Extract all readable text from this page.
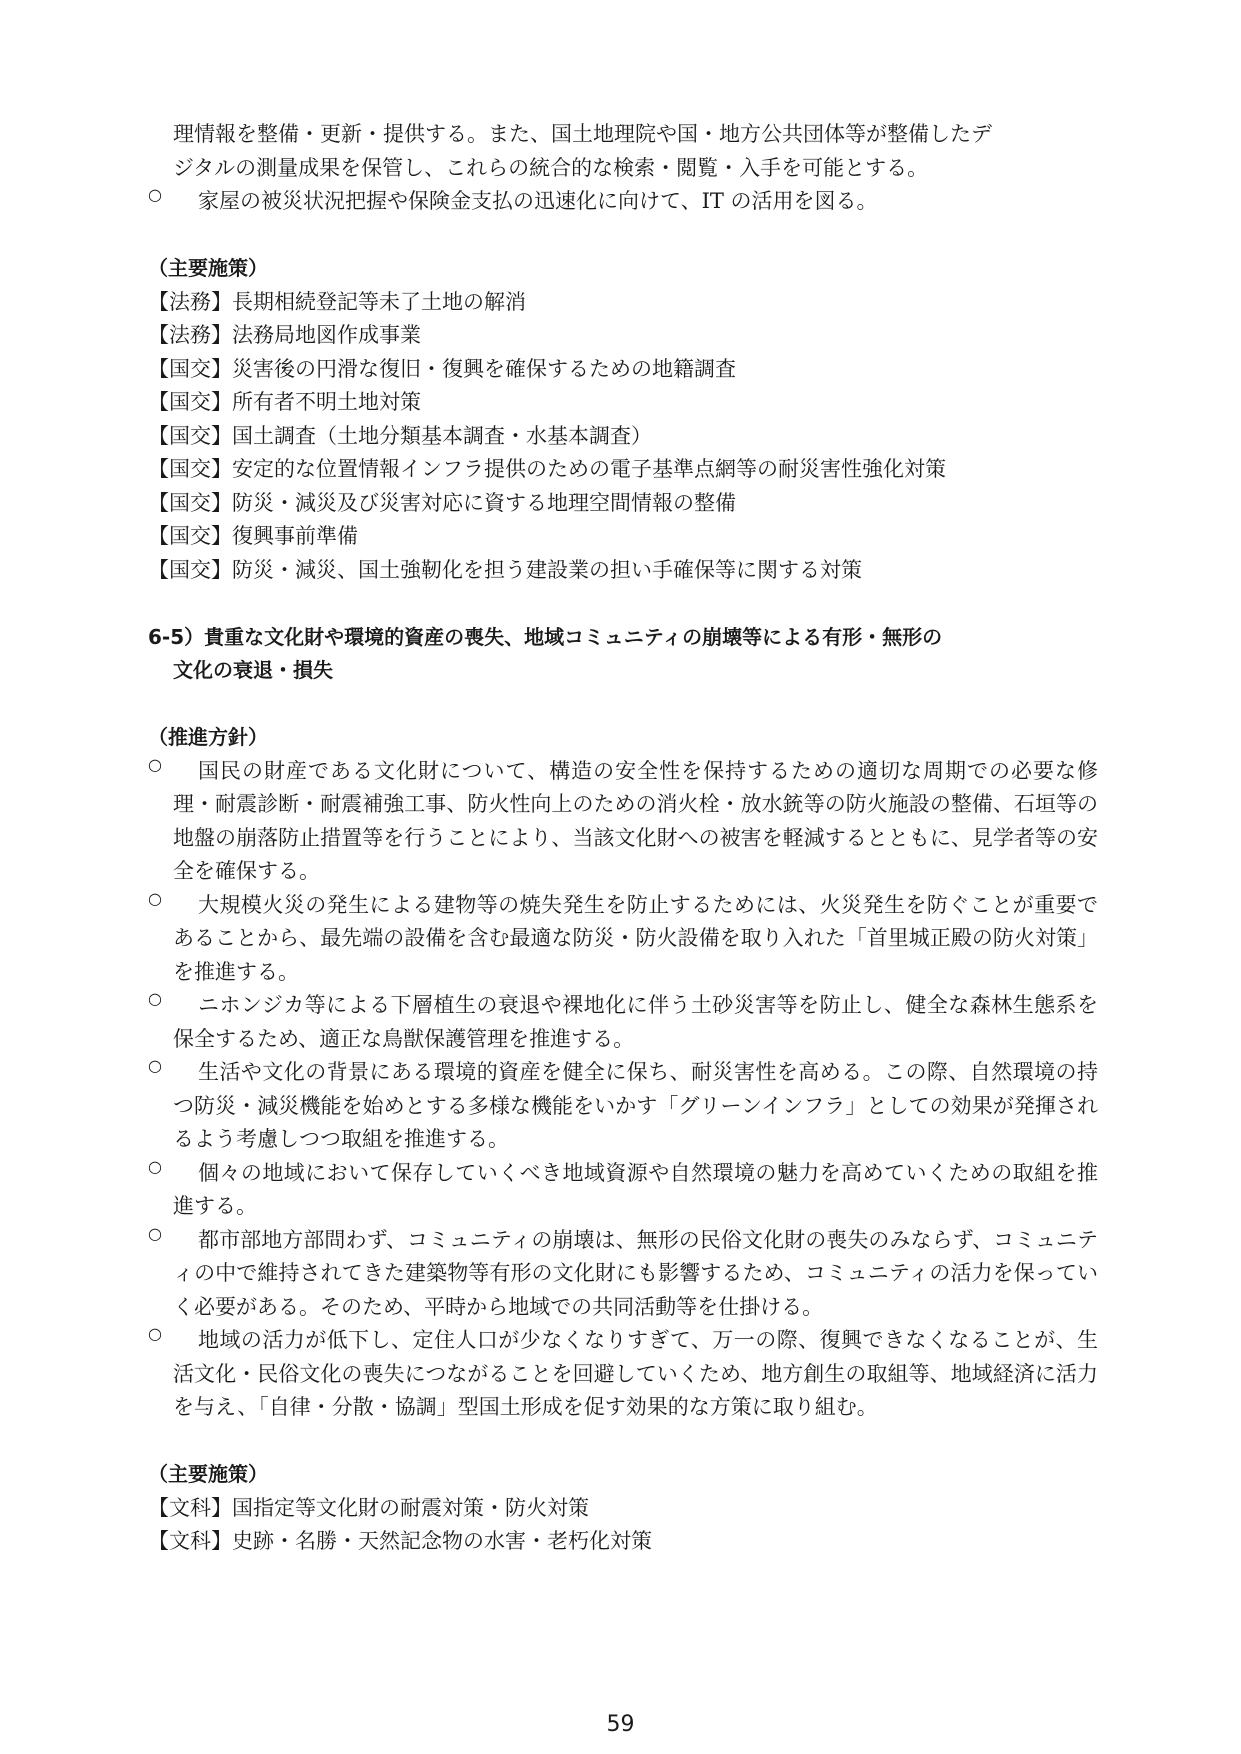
理情報を整備・更新・提供する。また、国土地理院や国・地方公共団体等が整備したデ
ジタルの測量成果を保管し、これらの統合的な検索・閲覧・入手を可能とする。
○	家屋の被災状況把握や保険金支払の迅速化に向けて、IT の活用を図る。

（主要施策）
【法務】長期相続登記等未了土地の解消
【法務】法務局地図作成事業
【国交】災害後の円滑な復旧・復興を確保するための地籍調査
【国交】所有者不明土地対策
【国交】国土調査（土地分類基本調査・水基本調査）
【国交】安定的な位置情報インフラ提供のための電子基準点網等の耐災害性強化対策
【国交】防災・減災及び災害対応に資する地理空間情報の整備
【国交】復興事前準備
【国交】防災・減災、国土強靭化を担う建設業の担い手確保等に関する対策
6-5）貴重な文化財や環境的資産の喪失、地域コミュニティの崩壊等による有形・無形の
文化の衰退・損失
（推進方針）
○	国民の財産である文化財について、構造の安全性を保持するための適切な周期での必要な修理・耐震診断・耐震補強工事、防火性向上のための消火栓・放水銃等の防火施設の整備、石垣等の地盤の崩落防止措置等を行うことにより、当該文化財への被害を軽減するとともに、見学者等の安全を確保する。

○	大規模火災の発生による建物等の焼失発生を防止するためには、火災発生を防ぐことが重要であることから、最先端の設備を含む最適な防災・防火設備を取り入れた「首里城正殿の防火対策」を推進する。

○	ニホンジカ等による下層植生の衰退や裸地化に伴う土砂災害等を防止し、健全な森林生態系を保全するため、適正な鳥獣保護管理を推進する。

○	生活や文化の背景にある環境的資産を健全に保ち、耐災害性を高める。この際、自然環境の持つ防災・減災機能を始めとする多様な機能をいかす「グリーンインフラ」としての効果が発揮されるよう考慮しつつ取組を推進する。

○	個々の地域において保存していくべき地域資源や自然環境の魅力を高めていくための取組を推進する。

○	都市部地方部問わず、コミュニティの崩壊は、無形の民俗文化財の喪失のみならず、コミュニティの中で維持されてきた建築物等有形の文化財にも影響するため、コミュニティの活力を保っていく必要がある。そのため、平時から地域での共同活動等を仕掛ける。

○	地域の活力が低下し、定住人口が少なくなりすぎて、万一の際、復興できなくなることが、生活文化・民俗文化の喪失につながることを回避していくため、地方創生の取組等、地域経済に活力を与え、「自律・分散・協調」型国土形成を促す効果的な方策に取り組む。

（主要施策）
【文科】国指定等文化財の耐震対策・防火対策
【文科】史跡・名勝・天然記念物の水害・老朽化対策
59
